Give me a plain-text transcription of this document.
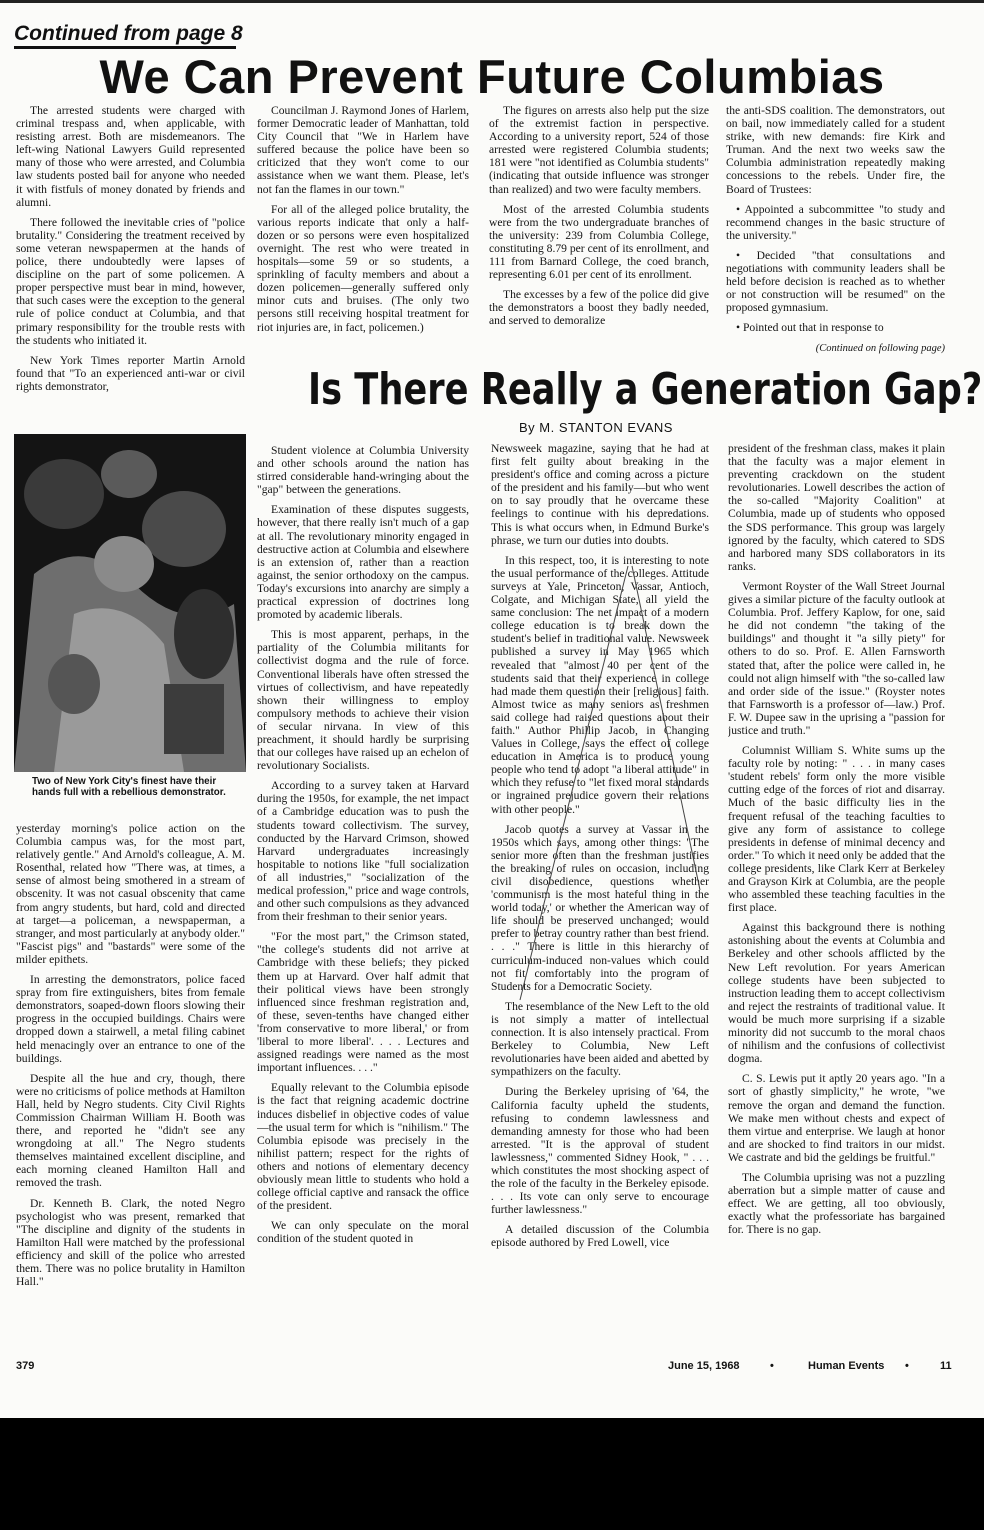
Continued from page 8
We Can Prevent Future Columbias

The arrested students were charged with criminal trespass and, when applicable, with resisting arrest. Both are misdemeanors. The left-wing National Lawyers Guild represented many of those who were arrested, and Columbia law students posted bail for anyone who needed it with fistfuls of money donated by friends and alumni.

There followed the inevitable cries of "police brutality." Considering the treatment received by some veteran newspapermen at the hands of police, there undoubtedly were lapses of discipline on the part of some policemen. A proper perspective must bear in mind, however, that such cases were the exception to the general rule of police conduct at Columbia, and that primary responsibility for the trouble rests with the students who initiated it.

New York Times reporter Martin Arnold found that "To an experienced anti-war or civil rights demonstrator,

Councilman J. Raymond Jones of Harlem, former Democratic leader of Manhattan, told City Council that "We in Harlem have suffered because the police have been so criticized that they won't come to our assistance when we want them. Please, let's not fan the flames in our town."

For all of the alleged police brutality, the various reports indicate that only a half-dozen or so persons were even hospitalized overnight. The rest who were treated in hospitals—some 59 or so students, a sprinkling of faculty members and about a dozen policemen—generally suffered only minor cuts and bruises. (The only two persons still receiving hospital treatment for riot injuries are, in fact, policemen.)

The figures on arrests also help put the size of the extremist faction in perspective. According to a university report, 524 of those arrested were registered Columbia students; 181 were "not identified as Columbia students" (indicating that outside influence was stronger than realized) and two were faculty members.

Most of the arrested Columbia students were from the two undergraduate branches of the university: 239 from Columbia College, constituting 8.79 per cent of its enrollment, and 111 from Barnard College, the coed branch, representing 6.01 per cent of its enrollment.

The excesses by a few of the police did give the demonstrators a boost they badly needed, and served to demoralize

the anti-SDS coalition. The demonstrators, out on bail, now immediately called for a student strike, with new demands: fire Kirk and Truman. And the next two weeks saw the Columbia administration repeatedly making concessions to the rebels. Under fire, the Board of Trustees:

• Appointed a subcommittee "to study and recommend changes in the basic structure of the university."

• Decided "that consultations and negotiations with community leaders shall be held before decision is reached as to whether or not construction will be resumed" on the proposed gymnasium.

• Pointed out that in response to

(Continued on following page)
Is There Really a Generation Gap?
By M. STANTON EVANS
Two of New York City's finest have their hands full with a rebellious demonstrator.

yesterday morning's police action on the Columbia campus was, for the most part, relatively gentle." And Arnold's colleague, A. M. Rosenthal, related how "There was, at times, a sense of almost being smothered in a stream of obscenity. It was not casual obscenity that came from angry students, but hard, cold and directed at target—a policeman, a newspaperman, a stranger, and most particularly at anybody older." "Fascist pigs" and "bastards" were some of the milder epithets.

In arresting the demonstrators, police faced spray from fire extinguishers, bites from female demonstrators, soaped-down floors slowing their progress in the occupied buildings. Chairs were dropped down a stairwell, a metal filing cabinet held menacingly over an entrance to one of the buildings.

Despite all the hue and cry, though, there were no criticisms of police methods at Hamilton Hall, held by Negro students. City Civil Rights Commission Chairman William H. Booth was there, and reported he "didn't see any wrongdoing at all." The Negro students themselves maintained excellent discipline, and each morning cleaned Hamilton Hall and removed the trash.

Dr. Kenneth B. Clark, the noted Negro psychologist who was present, remarked that "The discipline and dignity of the students in Hamilton Hall were matched by the professional efficiency and skill of the police who arrested them. There was no police brutality in Hamilton Hall."

Student violence at Columbia University and other schools around the nation has stirred considerable hand-wringing about the "gap" between the generations.

Examination of these disputes suggests, however, that there really isn't much of a gap at all. The revolutionary minority engaged in destructive action at Columbia and elsewhere is an extension of, rather than a reaction against, the senior orthodoxy on the campus. Today's excursions into anarchy are simply a practical expression of doctrines long promoted by academic liberals.

This is most apparent, perhaps, in the partiality of the Columbia militants for collectivist dogma and the rule of force. Conventional liberals have often stressed the virtues of collectivism, and have repeatedly shown their willingness to employ compulsory methods to achieve their vision of secular nirvana. In view of this preachment, it should hardly be surprising that our colleges have raised up an echelon of revolutionary Socialists.

According to a survey taken at Harvard during the 1950s, for example, the net impact of a Cambridge education was to push the students toward collectivism. The survey, conducted by the Harvard Crimson, showed Harvard undergraduates increasingly hospitable to notions like "full socialization of all industries," "socialization of the medical profession," price and wage controls, and other such compulsions as they advanced from their freshman to their senior years.

"For the most part," the Crimson stated, "the college's students did not arrive at Cambridge with these beliefs; they picked them up at Harvard. Over half admit that their political views have been strongly influenced since freshman registration and, of these, seven-tenths have changed either 'from conservative to more liberal,' or from 'liberal to more liberal'. . . . Lectures and assigned readings were named as the most important influences. . . ."

Equally relevant to the Columbia episode is the fact that reigning academic doctrine induces disbelief in objective codes of value—the usual term for which is "nihilism." The Columbia episode was precisely in the nihilist pattern; respect for the rights of others and notions of elementary decency obviously mean little to students who hold a college official captive and ransack the office of the president.

We can only speculate on the moral condition of the student quoted in

Newsweek magazine, saying that he had at first felt guilty about breaking in the president's office and coming across a picture of the president and his family—but who went on to say proudly that he overcame these feelings to continue with his depredations. This is what occurs when, in Edmund Burke's phrase, we turn our duties into doubts.

In this respect, too, it is interesting to note the usual performance of the colleges. Attitude surveys at Yale, Princeton, Vassar, Antioch, Colgate, and Michigan State, all yield the same conclusion: The net impact of a modern college education is to break down the student's belief in traditional value. Newsweek published a survey in May 1965 which revealed that "almost 40 per cent of the students said that their experience in college had made them question their [religious] faith. Almost twice as many seniors as freshmen said college had raised questions about their faith." Author Phillip Jacob, in Changing Values in College, says the effect of college education in America is to produce young people who tend to adopt "a liberal attitude" in which they refuse to "let fixed moral standards or ingrained prejudice govern their relations with other people."

Jacob quotes a survey at Vassar in the 1950s which says, among other things: "The senior more often than the freshman justifies the breaking of rules on occasion, including civil disobedience, questions whether 'communism is the most hateful thing in the world today,' or whether the American way of life should be preserved unchanged; would prefer to betray country rather than best friend. . . ." There is little in this hierarchy of curriculum-induced non-values which could not fit comfortably into the program of Students for a Democratic Society.

The resemblance of the New Left to the old is not simply a matter of intellectual connection. It is also intensely practical. From Berkeley to Columbia, New Left revolutionaries have been aided and abetted by sympathizers on the faculty.

During the Berkeley uprising of '64, the California faculty upheld the students, refusing to condemn lawlessness and demanding amnesty for those who had been arrested. "It is the approval of student lawlessness," commented Sidney Hook, " . . . which constitutes the most shocking aspect of the role of the faculty in the Berkeley episode. . . . Its vote can only serve to encourage further lawlessness."

A detailed discussion of the Columbia episode authored by Fred Lowell, vice

president of the freshman class, makes it plain that the faculty was a major element in preventing crackdown on the student revolutionaries. Lowell describes the action of the so-called "Majority Coalition" at Columbia, made up of students who opposed the SDS performance. This group was largely ignored by the faculty, which catered to SDS and harbored many SDS collaborators in its ranks.

Vermont Royster of the Wall Street Journal gives a similar picture of the faculty outlook at Columbia. Prof. Jeffery Kaplow, for one, said he did not condemn "the taking of the buildings" and thought it "a silly piety" for others to do so. Prof. E. Allen Farnsworth stated that, after the police were called in, he could not align himself with "the so-called law and order side of the issue." (Royster notes that Farnsworth is a professor of—law.) Prof. F. W. Dupee saw in the uprising a "passion for justice and truth."

Columnist William S. White sums up the faculty role by noting: " . . . in many cases 'student rebels' form only the more visible cutting edge of the forces of riot and disarray. Much of the basic difficulty lies in the frequent refusal of the teaching faculties to give any form of assistance to college presidents in defense of minimal decency and order." To which it need only be added that the college presidents, like Clark Kerr at Berkeley and Grayson Kirk at Columbia, are the people who assembled these teaching faculties in the first place.

Against this background there is nothing astonishing about the events at Columbia and Berkeley and other schools afflicted by the New Left revolution. For years American college students have been subjected to instruction leading them to accept collectivism and reject the restraints of traditional value. It would be much more surprising if a sizable minority did not succumb to the moral chaos of nihilism and the confusions of collectivist dogma.

C. S. Lewis put it aptly 20 years ago. "In a sort of ghastly simplicity," he wrote, "we remove the organ and demand the function. We make men without chests and expect of them virtue and enterprise. We laugh at honor and are shocked to find traitors in our midst. We castrate and bid the geldings be fruitful."

The Columbia uprising was not a puzzling aberration but a simple matter of cause and effect. We are getting, all too obviously, exactly what the professoriate has bargained for. There is no gap.

379	June 15, 1968	•	Human Events •	11
